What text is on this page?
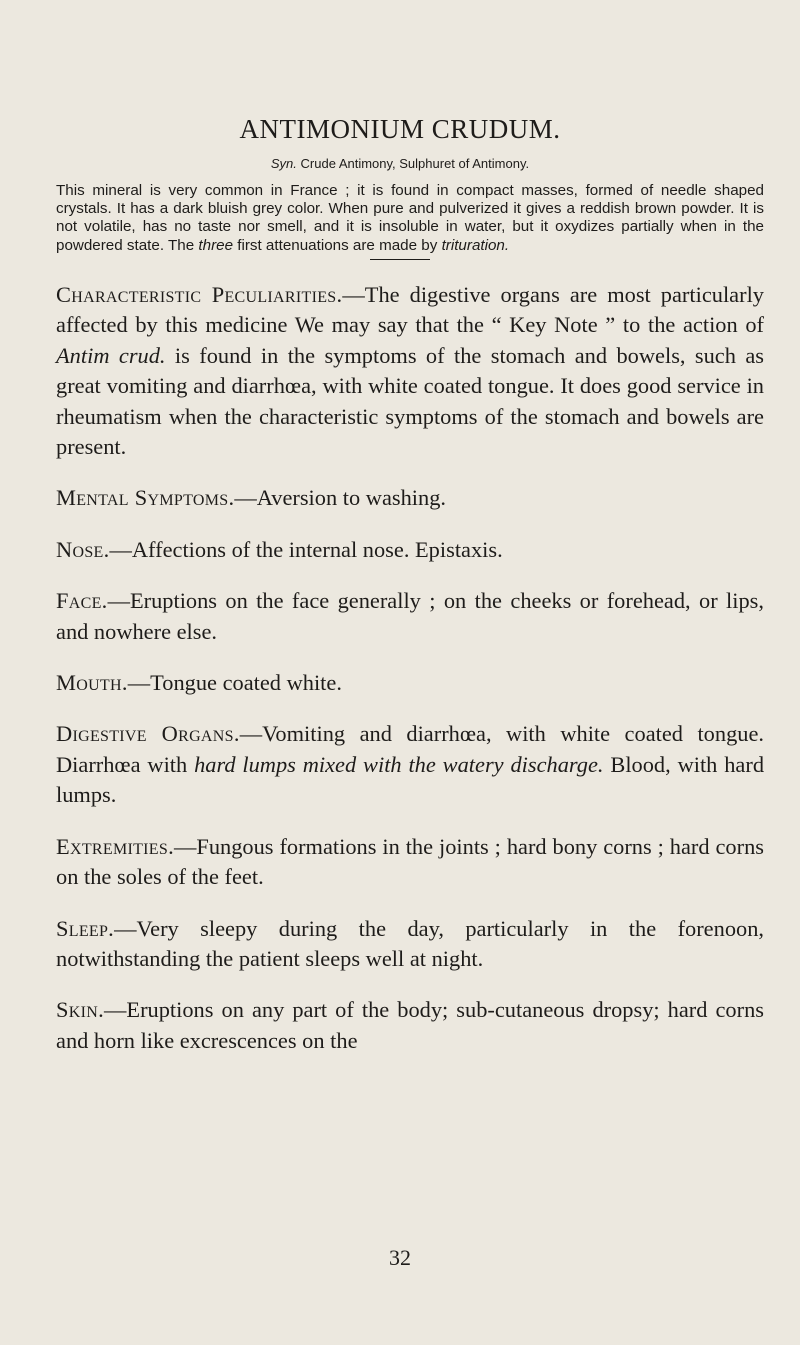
ANTIMONIUM CRUDUM.
Syn. Crude Antimony, Sulphuret of Antimony.
This mineral is very common in France ; it is found in compact masses, formed of needle shaped crystals. It has a dark bluish grey color. When pure and pulverized it gives a reddish brown powder. It is not volatile, has no taste nor smell, and it is insoluble in water, but it oxydizes partially when in the powdered state. The three first attenuations are made by trituration.

Characteristic Peculiarities.—The digestive organs are most particularly affected by this medicine We may say that the “ Key Note ” to the action of Antim crud. is found in the symptoms of the stomach and bowels, such as great vomiting and diarrhœa, with white coated tongue. It does good service in rheumatism when the characteristic symptoms of the stomach and bowels are present.

Mental Symptoms.—Aversion to washing.

Nose.—Affections of the internal nose. Epistaxis.

Face.—Eruptions on the face generally ; on the cheeks or forehead, or lips, and nowhere else.

Mouth.—Tongue coated white.

Digestive Organs.—Vomiting and diarrhœa, with white coated tongue. Diarrhœa with hard lumps mixed with the watery discharge. Blood, with hard lumps.

Extremities.—Fungous formations in the joints ; hard bony corns ; hard corns on the soles of the feet.

Sleep.—Very sleepy during the day, particularly in the forenoon, notwithstanding the patient sleeps well at night.

Skin.—Eruptions on any part of the body; sub-cutaneous dropsy; hard corns and horn like excrescences on the

32
